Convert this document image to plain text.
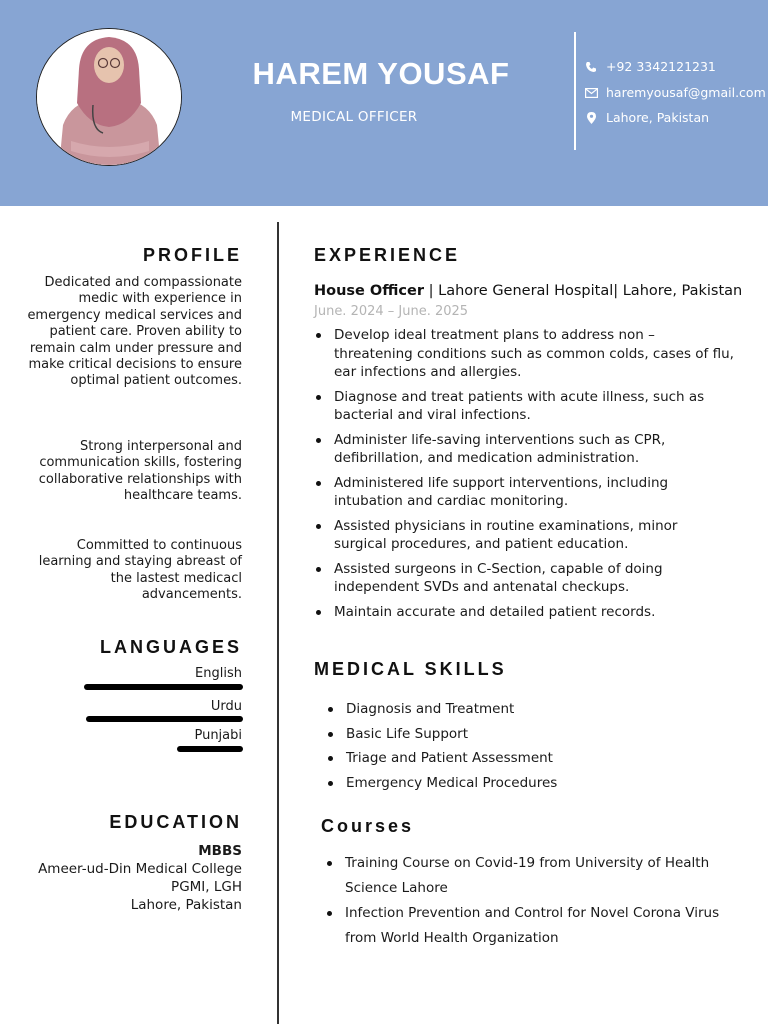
HAREM YOUSAF
MEDICAL OFFICER
+92 3342121231
haremyousaf@gmail.com
Lahore, Pakistan
PROFILE

Dedicated and compassionate medic with experience in emergency medical services and patient care. Proven ability to remain calm under pressure and make critical decisions to ensure optimal patient outcomes.

Strong interpersonal and communication skills, fostering collaborative relationships with healthcare teams.

Committed to continuous learning and staying abreast of the lastest medicacl advancements.

LANGUAGES
English
Urdu
Punjabi
EDUCATION
MBBS
Ameer-ud-Din Medical College
PGMI, LGH
Lahore, Pakistan
EXPERIENCE
House Officer | Lahore General Hospital| Lahore, Pakistan
June. 2024 – June. 2025
Develop ideal treatment plans to address non – threatening conditions such as common colds, cases of flu, ear infections and allergies.
Diagnose and treat patients with acute illness, such as bacterial and viral infections.
Administer life-saving interventions such as CPR, defibrillation, and medication administration.
Administered life support interventions, including intubation and cardiac monitoring.
Assisted physicians in routine examinations, minor surgical procedures, and patient education.
Assisted surgeons in C-Section, capable of doing independent SVDs and antenatal checkups.
Maintain accurate and detailed patient records.
MEDICAL SKILLS
Diagnosis and Treatment
Basic Life Support
Triage and Patient Assessment
Emergency Medical Procedures
Courses
Training Course on Covid-19 from University of Health Science Lahore
Infection Prevention and Control for Novel Corona Virus from World Health Organization
